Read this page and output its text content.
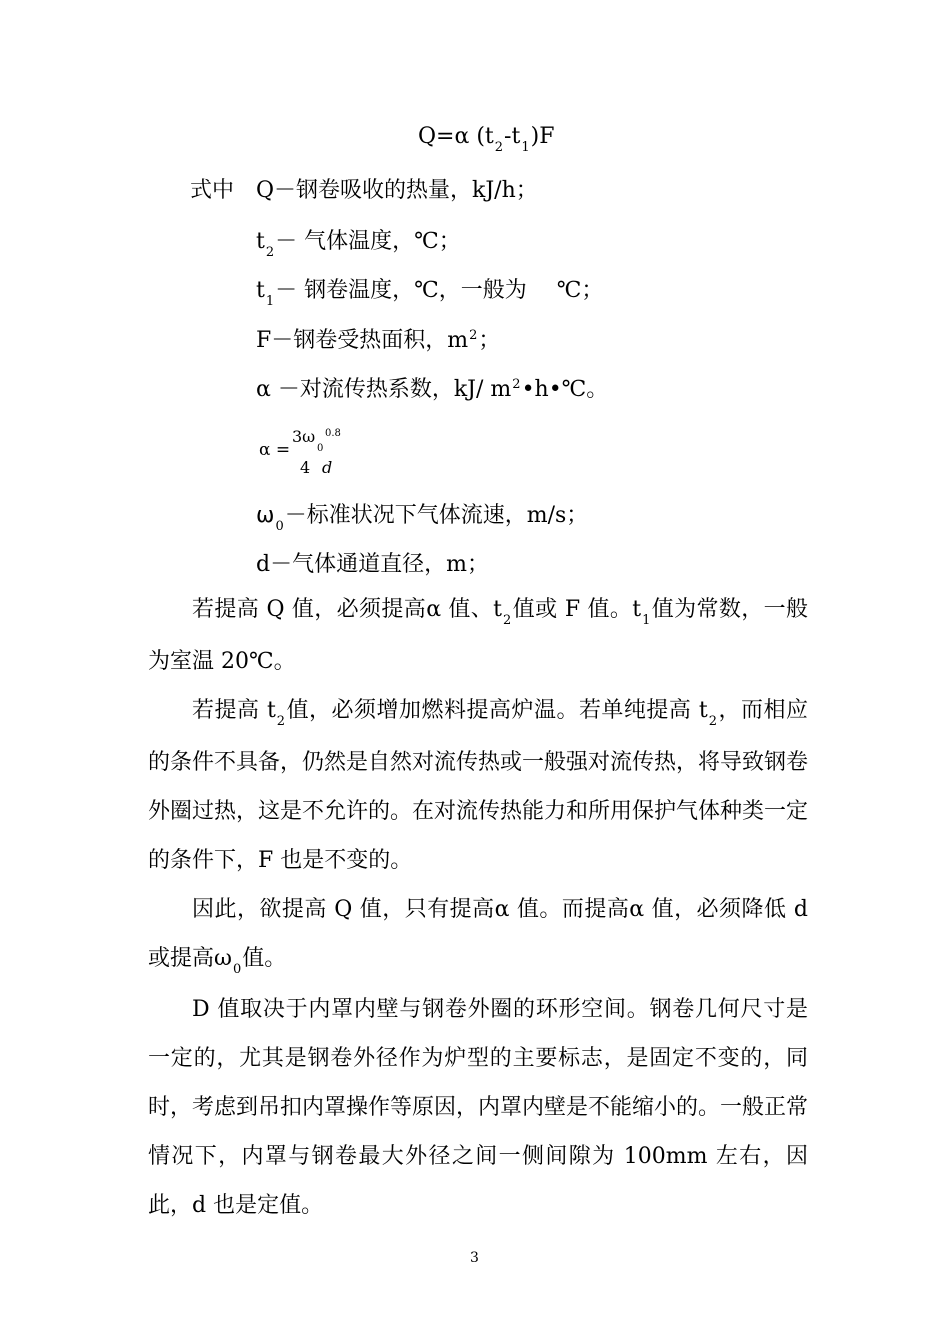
Q=α $(t_2-t_1)F$
式中 Q－钢卷吸收的热量，kJ/h；
$t_2-$ 气体温度，℃；
$t_1-$ 钢卷温度，℃，一般为 ℃；
F－钢卷受热面积，$m^2$；
α －对流传热系数，kJ/ $m^2•h•℃$。
α =
3ω
0
0.8
4 d
$\omega_0-$标准状况下气体流速，m/s；
d－气体通道直径，m；
若提高 Q 值，必须提高α 值、$t_2$值或 F 值。$t_1$值为常数，一般为室温 20℃。
若提高 $t_2$值，必须增加燃料提高炉温。若单纯提高 $t_2$，而相应的条件不具备，仍然是自然对流传热或一般强对流传热，将导致钢卷外圈过热，这是不允许的。在对流传热能力和所用保护气体种类一定的条件下，F 也是不变的。
因此，欲提高 Q 值，只有提高α 值。而提高α 值，必须降低 d 或提高$\omega_0$值。
D 值取决于内罩内壁与钢卷外圈的环形空间。钢卷几何尺寸是一定的，尤其是钢卷外径作为炉型的主要标志，是固定不变的，同时，考虑到吊扣内罩操作等原因，内罩内壁是不能缩小的。一般正常情况下，内罩与钢卷最大外径之间一侧间隙为 100mm 左右，因此，d 也是定值。
3
